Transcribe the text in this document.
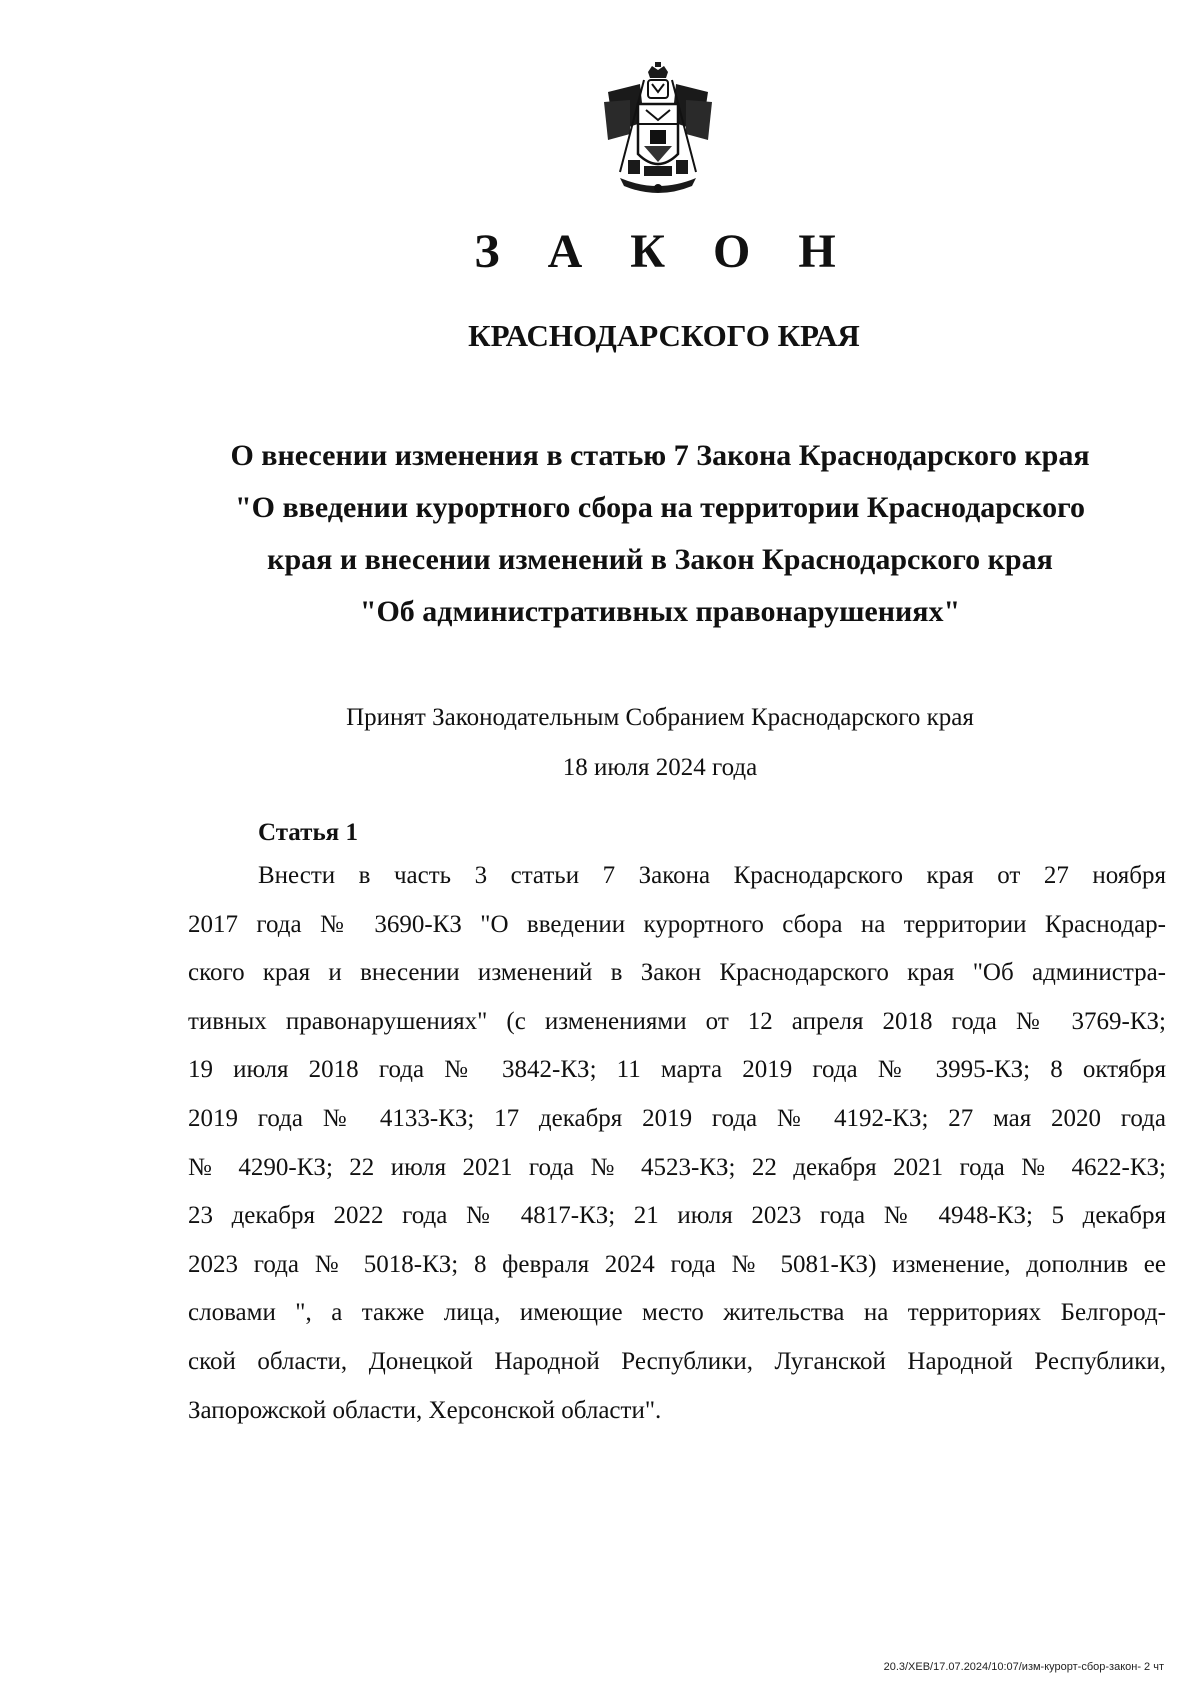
З А К О Н
КРАСНОДАРСКОГО КРАЯ
О внесении изменения в статью 7 Закона Краснодарского края
"О введении курортного сбора на территории Краснодарского
края и внесении изменений в Закон Краснодарского края
"Об административных правонарушениях"
Принят Законодательным Собранием Краснодарского края
18 июля 2024 года
Статья 1
Внести в часть 3 статьи 7 Закона Краснодарского края от 27 ноября
2017 года № 3690-КЗ "О введении курортного сбора на территории Краснодар-
ского края и внесении изменений в Закон Краснодарского края "Об администра-
тивных правонарушениях" (с изменениями от 12 апреля 2018 года № 3769-КЗ;
19 июля 2018 года № 3842-КЗ; 11 марта 2019 года № 3995-КЗ; 8 октября
2019 года № 4133-КЗ; 17 декабря 2019 года № 4192-КЗ; 27 мая 2020 года
№ 4290-КЗ; 22 июля 2021 года № 4523-КЗ; 22 декабря 2021 года № 4622-КЗ;
23 декабря 2022 года № 4817-КЗ; 21 июля 2023 года № 4948-КЗ; 5 декабря
2023 года № 5018-КЗ; 8 февраля 2024 года № 5081-КЗ) изменение, дополнив ее
словами ", а также лица, имеющие место жительства на территориях Белгород-
ской области, Донецкой Народной Республики, Луганской Народной Республики,
Запорожской области, Херсонской области".
20.3/ХЕВ/17.07.2024/10:07/изм-курорт-сбор-закон- 2 чт
